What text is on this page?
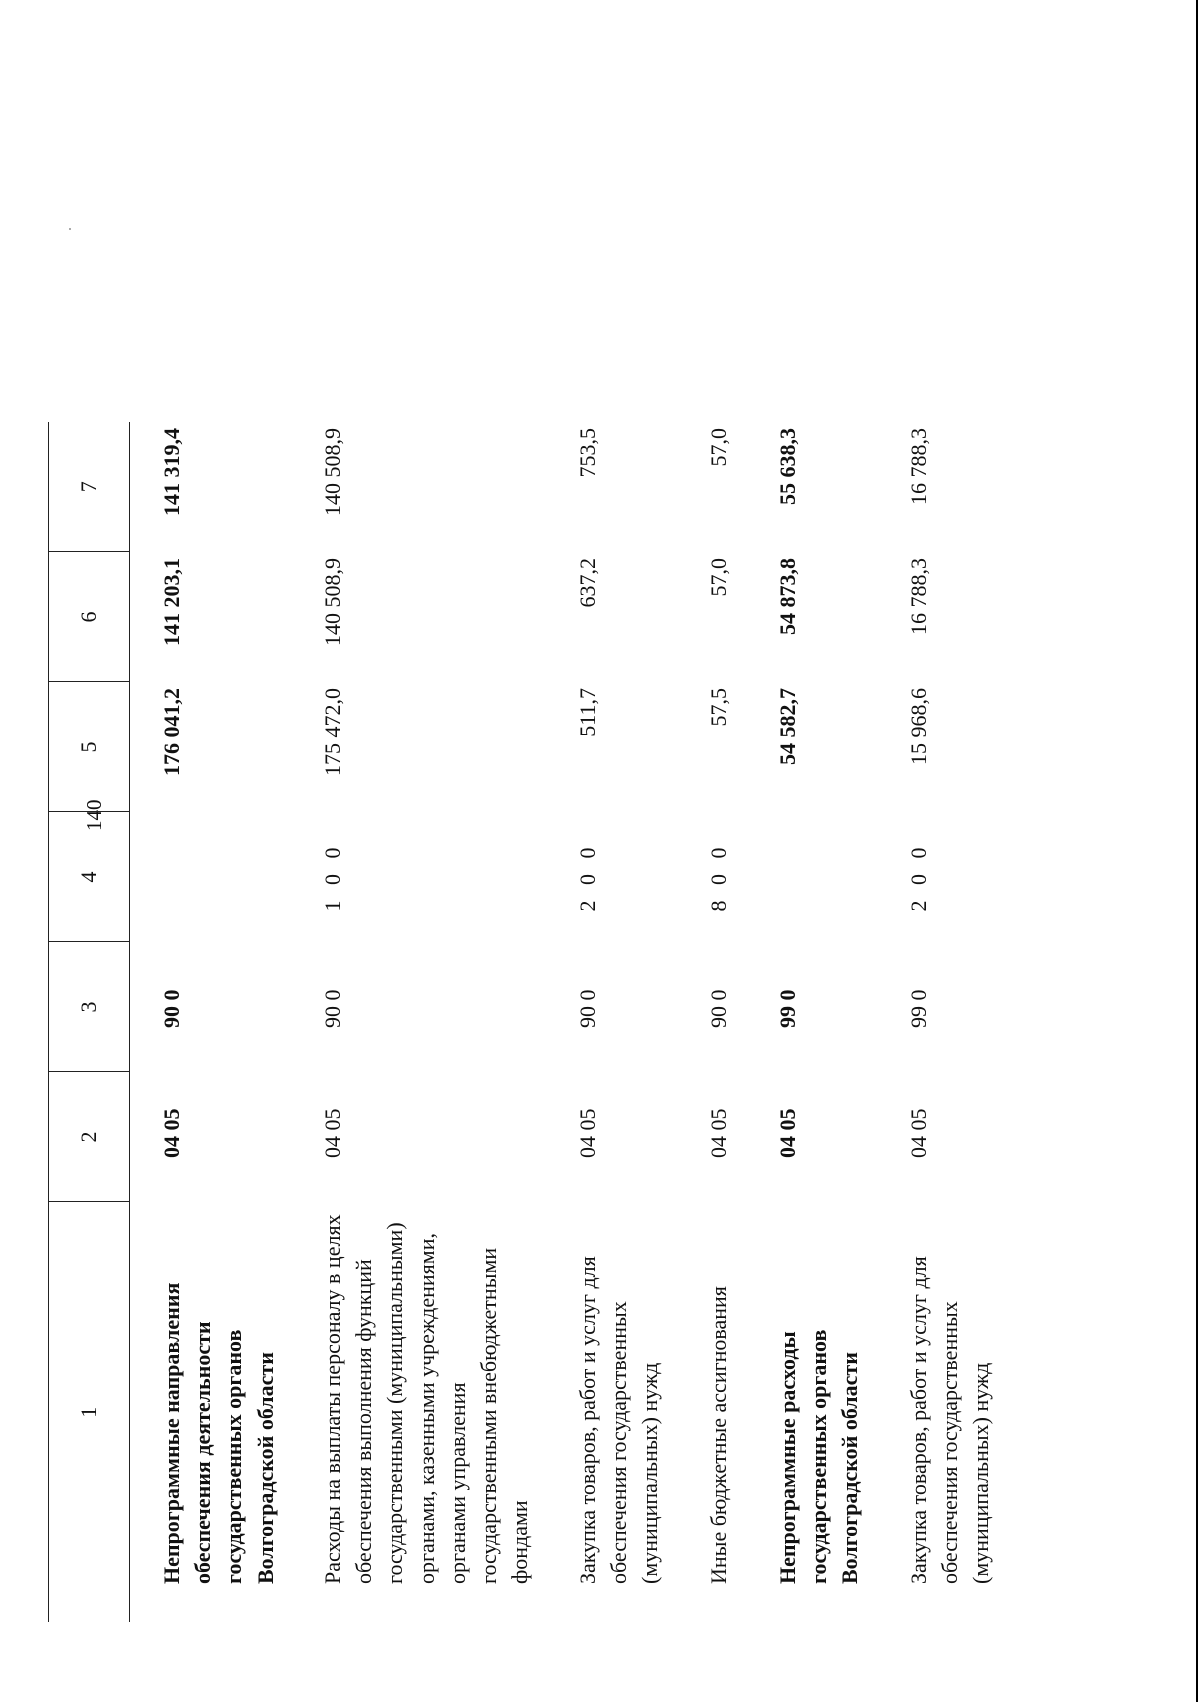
140
1	2	3	4	5	6	7
Непрограммные направления обеспечения деятельности государственных органов Волгоградской области	04 05	90 0		176 041,2	141 203,1	141 319,4
Расходы на выплаты персоналу в целях обеспечения выполнения функций государственными (муниципальными) органами, казенными учреждениями, органами управления государственными внебюджетными фондами	04 05	90 0	1 0 0	175 472,0	140 508,9	140 508,9
Закупка товаров, работ и услуг для обеспечения государственных (муниципальных) нужд	04 05	90 0	2 0 0	511,7	637,2	753,5
Иные бюджетные ассигнования	04 05	90 0	8 0 0	57,5	57,0	57,0
Непрограммные расходы государственных органов Волгоградской области	04 05	99 0		54 582,7	54 873,8	55 638,3
Закупка товаров, работ и услуг для обеспечения государственных (муниципальных) нужд	04 05	99 0	2 0 0	15 968,6	16 788,3	16 788,3
